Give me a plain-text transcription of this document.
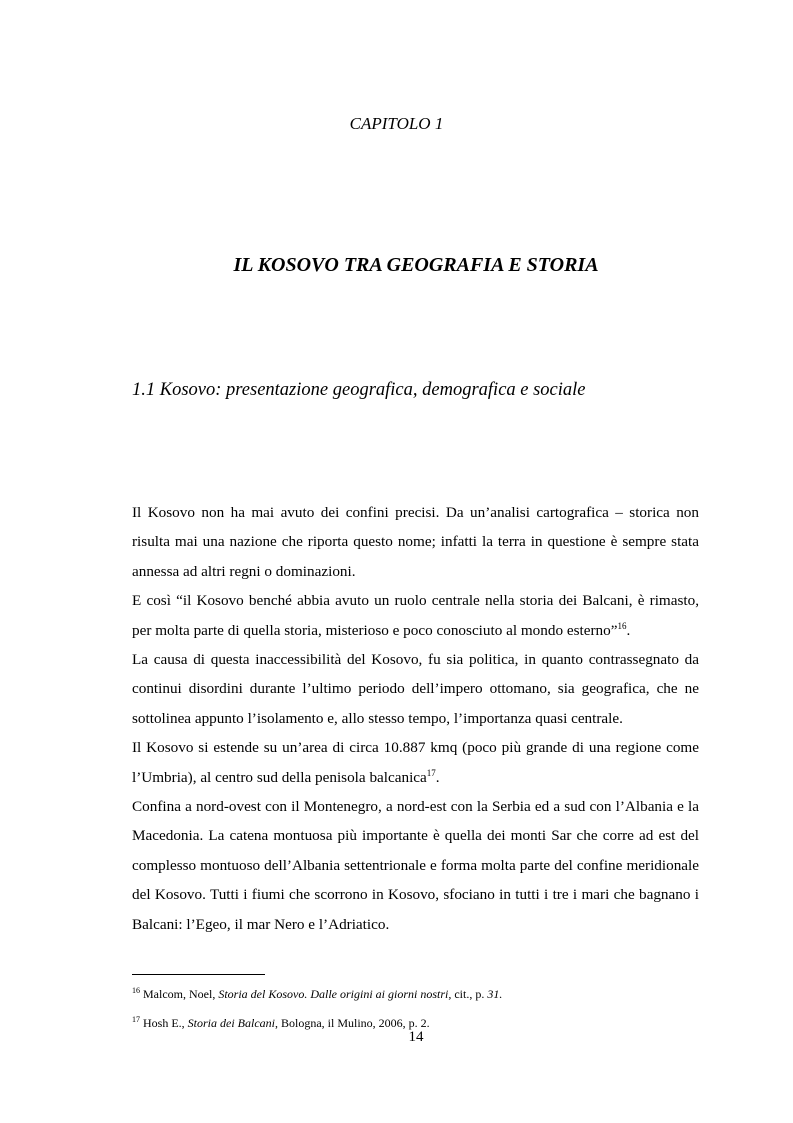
CAPITOLO 1

IL KOSOVO TRA GEOGRAFIA E STORIA
1.1 Kosovo: presentazione geografica, demografica e sociale

Il Kosovo non ha mai avuto dei confini precisi. Da un’analisi cartografica – storica non risulta mai una nazione che riporta questo nome; infatti la terra in questione è sempre stata annessa ad altri regni o dominazioni.

E così “il Kosovo benché abbia avuto un ruolo centrale nella storia dei Balcani, è rimasto, per molta parte di quella storia, misterioso e poco conosciuto al mondo esterno”$^{16}$.

La causa di questa inaccessibilità del Kosovo, fu sia politica, in quanto contrassegnato da continui disordini durante l’ultimo periodo dell’impero ottomano, sia geografica, che ne sottolinea appunto l’isolamento e, allo stesso tempo, l’importanza quasi centrale.

Il Kosovo si estende su un’area di circa 10.887 kmq (poco più grande di una regione come l’Umbria), al centro sud della penisola balcanica$^{17}$.

Confina a nord-ovest con il Montenegro, a nord-est con la Serbia ed a sud con l’Albania e la Macedonia. La catena montuosa più importante è quella dei monti Sar che corre ad est del complesso montuoso dell’Albania settentrionale e forma molta parte del confine meridionale del Kosovo. Tutti i fiumi che scorrono in Kosovo, sfociano in tutti i tre i mari che bagnano i Balcani: l’Egeo, il mar Nero e l’Adriatico.

$^{16}$ Malcom, Noel, Storia del Kosovo. Dalle origini ai giorni nostri, cit., p. 31.

$^{17}$ Hosh E., Storia dei Balcani, Bologna, il Mulino, 2006, p. 2.

14
